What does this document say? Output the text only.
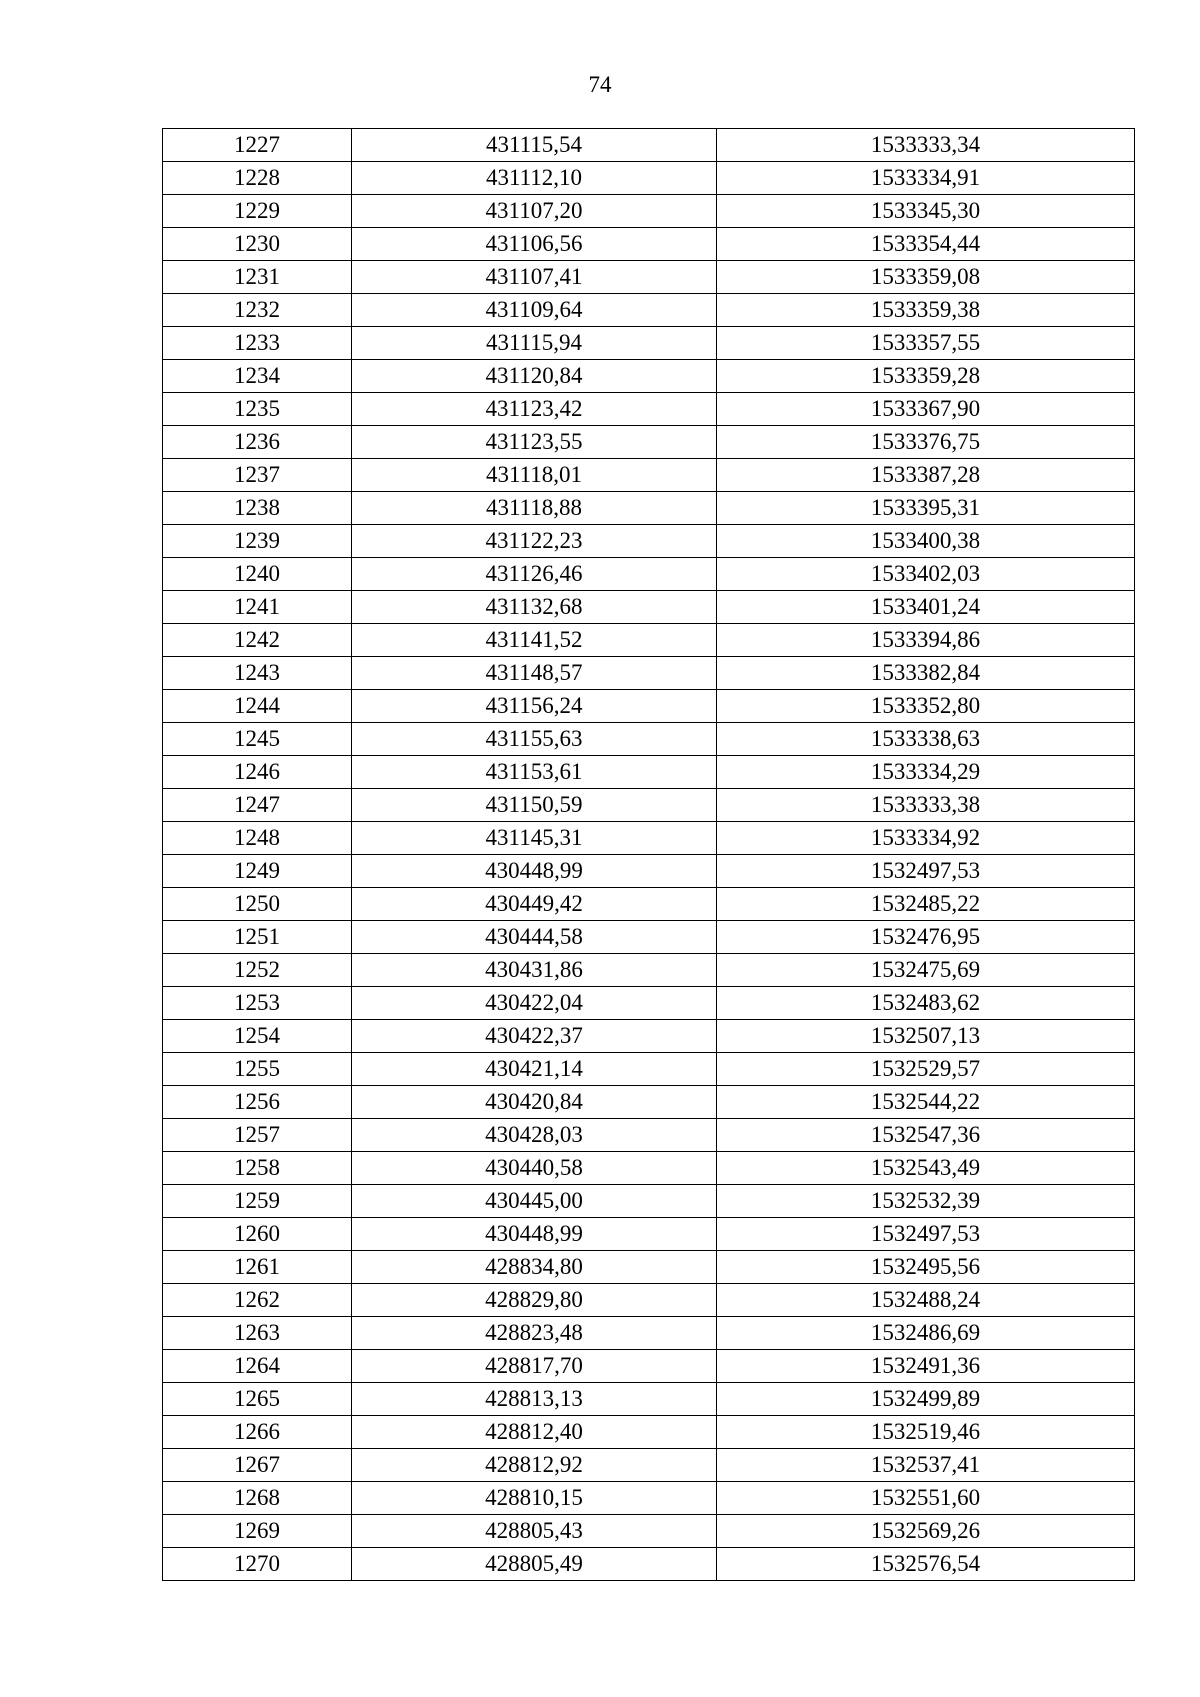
74
1227	431115,54	1533333,34
1228	431112,10	1533334,91
1229	431107,20	1533345,30
1230	431106,56	1533354,44
1231	431107,41	1533359,08
1232	431109,64	1533359,38
1233	431115,94	1533357,55
1234	431120,84	1533359,28
1235	431123,42	1533367,90
1236	431123,55	1533376,75
1237	431118,01	1533387,28
1238	431118,88	1533395,31
1239	431122,23	1533400,38
1240	431126,46	1533402,03
1241	431132,68	1533401,24
1242	431141,52	1533394,86
1243	431148,57	1533382,84
1244	431156,24	1533352,80
1245	431155,63	1533338,63
1246	431153,61	1533334,29
1247	431150,59	1533333,38
1248	431145,31	1533334,92
1249	430448,99	1532497,53
1250	430449,42	1532485,22
1251	430444,58	1532476,95
1252	430431,86	1532475,69
1253	430422,04	1532483,62
1254	430422,37	1532507,13
1255	430421,14	1532529,57
1256	430420,84	1532544,22
1257	430428,03	1532547,36
1258	430440,58	1532543,49
1259	430445,00	1532532,39
1260	430448,99	1532497,53
1261	428834,80	1532495,56
1262	428829,80	1532488,24
1263	428823,48	1532486,69
1264	428817,70	1532491,36
1265	428813,13	1532499,89
1266	428812,40	1532519,46
1267	428812,92	1532537,41
1268	428810,15	1532551,60
1269	428805,43	1532569,26
1270	428805,49	1532576,54
